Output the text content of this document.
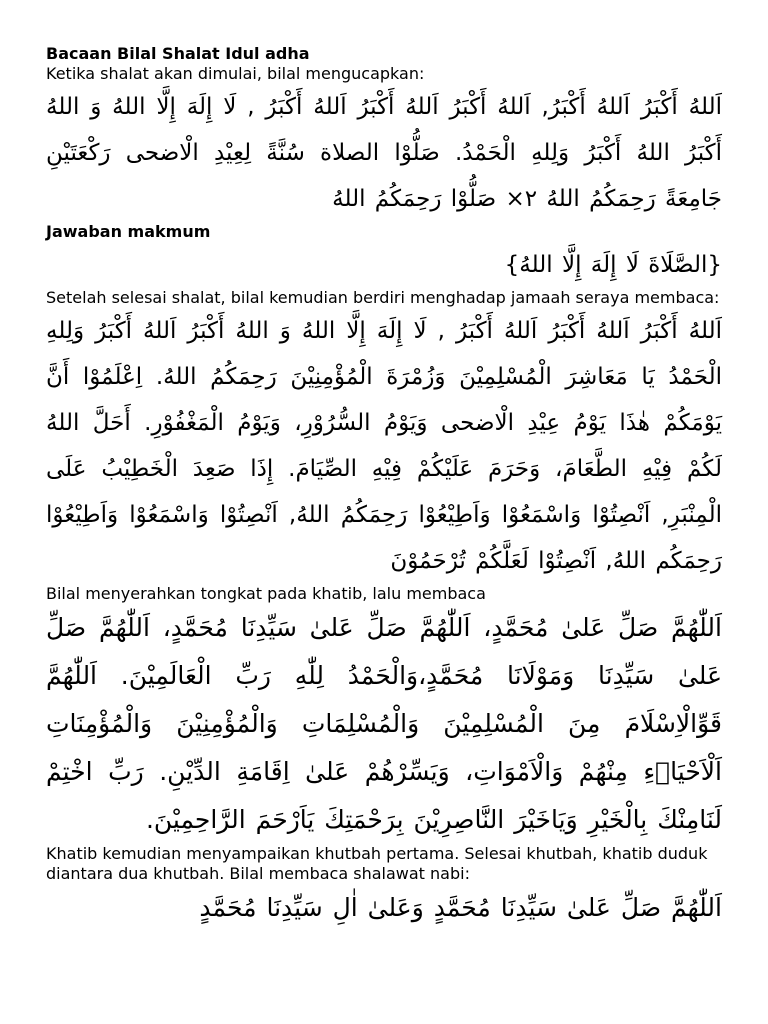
Bacaan Bilal Shalat Idul adha

Ketika shalat akan dimulai, bilal mengucapkan:

اَللهُ أَكْبَرُ اَللهُ أَكْبَرُ, اَللهُ أَكْبَرُ اَللهُ أَكْبَرُ اَللهُ أَكْبَرُ , لَا إِلَهَ إِلَّا اللهُ وَ اللهُ أَكْبَرُ اللهُ أَكْبَرُ وَلِلهِ الْحَمْدُ. صَلُّوْا الصلاة سُنَّةً لِعِيْدِ الْاضحى رَكْعَتَيْنِ جَامِعَةً رَحِمَكُمُ اللهُ ٢× صَلُّوْا رَحِمَكُمُ اللهُ

Jawaban makmum

{الصَّلَاةَ لَا إِلَهَ إِلَّا اللهُ}

Setelah selesai shalat, bilal kemudian berdiri menghadap jamaah seraya membaca:

اَللهُ أَكْبَرُ اَللهُ أَكْبَرُ اَللهُ أَكْبَرُ , لَا إِلَهَ إِلَّا اللهُ وَ اللهُ أَكْبَرُ اَللهُ أَكْبَرُ وَلِلهِ الْحَمْدُ يَا مَعَاشِرَ الْمُسْلِمِيْنَ وَزُمْرَةَ الْمُؤْمِنِيْنَ رَحِمَكُمُ اللهُ. اِعْلَمُوْا أَنَّ يَوْمَكُمْ هٰذَا يَوْمُ عِيْدِ الْاضحى وَيَوْمُ السُّرُوْرِ، وَيَوْمُ الْمَغْفُوْرِ. أَحَلَّ اللهُ لَكُمْ فِيْهِ الطَّعَامَ، وَحَرَمَ عَلَيْكُمْ فِيْهِ الصِّيَامَ. إِذَا صَعِدَ الْخَطِيْبُ عَلَى الْمِنْبَرِ, اَنْصِتُوْا وَاسْمَعُوْا وَاَطِيْعُوْا رَحِمَكُمُ اللهُ, اَنْصِتُوْا وَاسْمَعُوْا وَاَطِيْعُوْا رَحِمَكُم اللهُ, اَنْصِتُوْا لَعَلَّكُمْ تُرْحَمُوْنَ

Bilal menyerahkan tongkat pada khatib, lalu membaca

اَللّٰهُمَّ صَلِّ عَلىٰ مُحَمَّدٍ، اَللّٰهُمَّ صَلِّ عَلىٰ سَيِّدِنَا مُحَمَّدٍ، اَللّٰهُمَّ صَلِّ عَلىٰ سَيِّدِنَا وَمَوْلَانَا مُحَمَّدٍ،وَالْحَمْدُ لِلّٰهِ رَبِّ الْعَالَمِيْنَ. اَللّٰهُمَّ قَوِّالْاِسْلَامَ مِنَ الْمُسْلِمِيْنَ وَالْمُسْلِمَاتِ وَالْمُؤْمِنِيْنَ وَالْمُؤْمِنَاتِ اَلْاَحْيَاۤءِ مِنْهُمْ وَالْاَمْوَاتِ، وَيَسِّرْهُمْ عَلىٰ اِقَامَةِ الدِّيْنِ. رَبِّ اخْتِمْ لَنَامِنْكَ بِالْخَيْرِ وَيَاخَيْرَ النَّاصِرِيْنَ بِرَحْمَتِكَ يَاَرْحَمَ الرَّاحِمِيْنَ.

Khatib kemudian menyampaikan khutbah pertama. Selesai khutbah, khatib duduk diantara dua khutbah. Bilal membaca shalawat nabi:

اَللّٰهُمَّ صَلِّ عَلىٰ سَيِّدِنَا مُحَمَّدٍ وَعَلىٰ اٰلِ سَيِّدِنَا مُحَمَّدٍ
